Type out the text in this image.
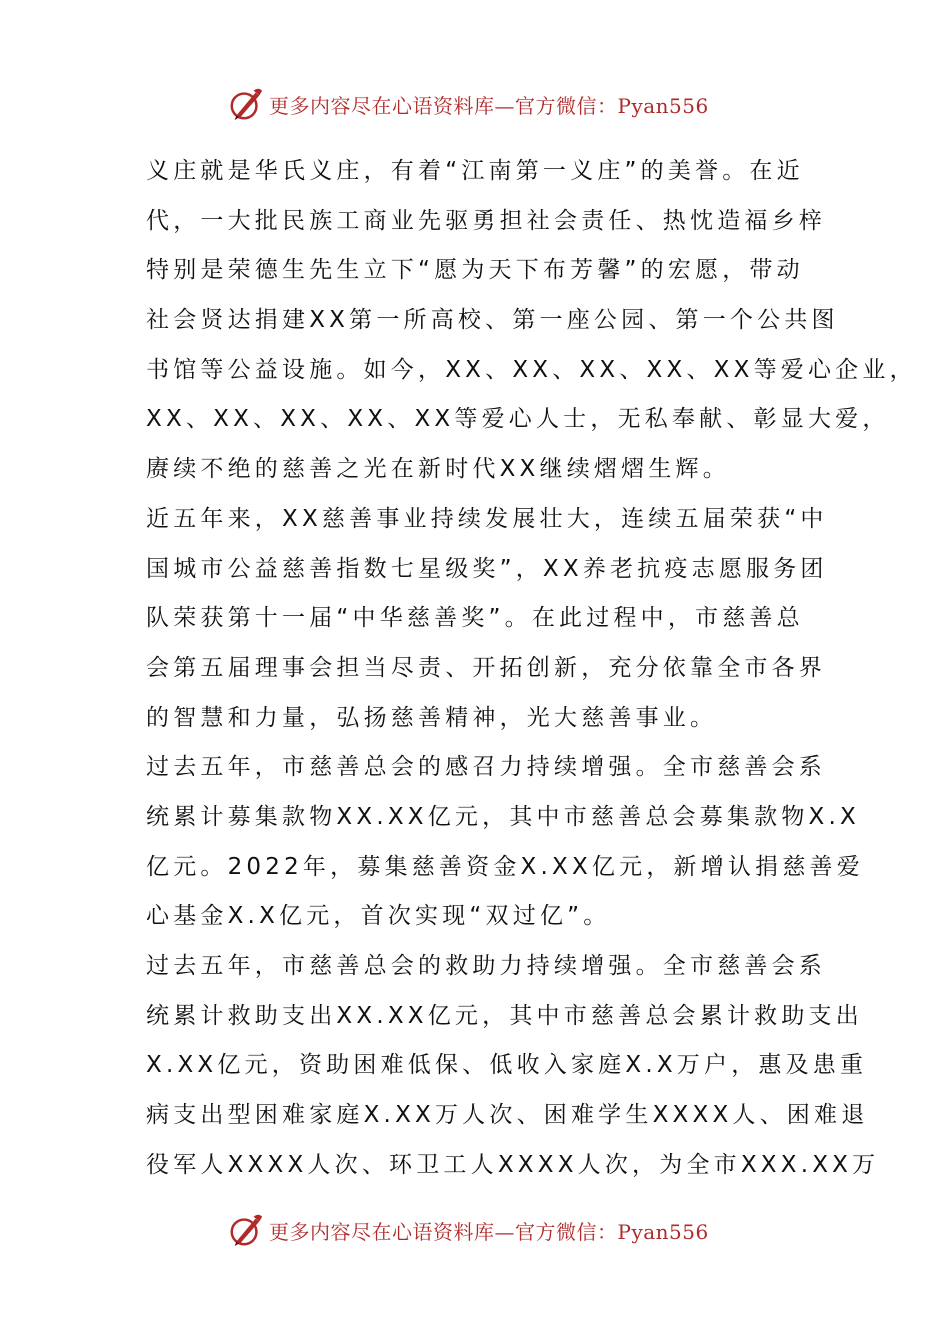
更多内容尽在心语资料库—官方微信：Pyan556
义庄就是华氏义庄，有着“江南第一义庄”的美誉。在近
代，一大批民族工商业先驱勇担社会责任、热忱造福乡梓
特别是荣德生先生立下“愿为天下布芳馨”的宏愿，带动
社会贤达捐建XX第一所高校、第一座公园、第一个公共图
书馆等公益设施。如今，XX、XX、XX、XX、XX等爱心企业，
XX、XX、XX、XX、XX等爱心人士，无私奉献、彰显大爱，
赓续不绝的慈善之光在新时代XX继续熠熠生辉。
近五年来，XX慈善事业持续发展壮大，连续五届荣获“中
国城市公益慈善指数七星级奖”，XX养老抗疫志愿服务团
队荣获第十一届“中华慈善奖”。在此过程中，市慈善总
会第五届理事会担当尽责、开拓创新，充分依靠全市各界
的智慧和力量，弘扬慈善精神，光大慈善事业。
过去五年，市慈善总会的感召力持续增强。全市慈善会系
统累计募集款物XX.XX亿元，其中市慈善总会募集款物X.X
亿元。2022年，募集慈善资金X.XX亿元，新增认捐慈善爱
心基金X.X亿元，首次实现“双过亿”。
过去五年，市慈善总会的救助力持续增强。全市慈善会系
统累计救助支出XX.XX亿元，其中市慈善总会累计救助支出
X.XX亿元，资助困难低保、低收入家庭X.X万户，惠及患重
病支出型困难家庭X.XX万人次、困难学生XXXX人、困难退
役军人XXXX人次、环卫工人XXXX人次，为全市XXX.XX万
更多内容尽在心语资料库—官方微信：Pyan556
